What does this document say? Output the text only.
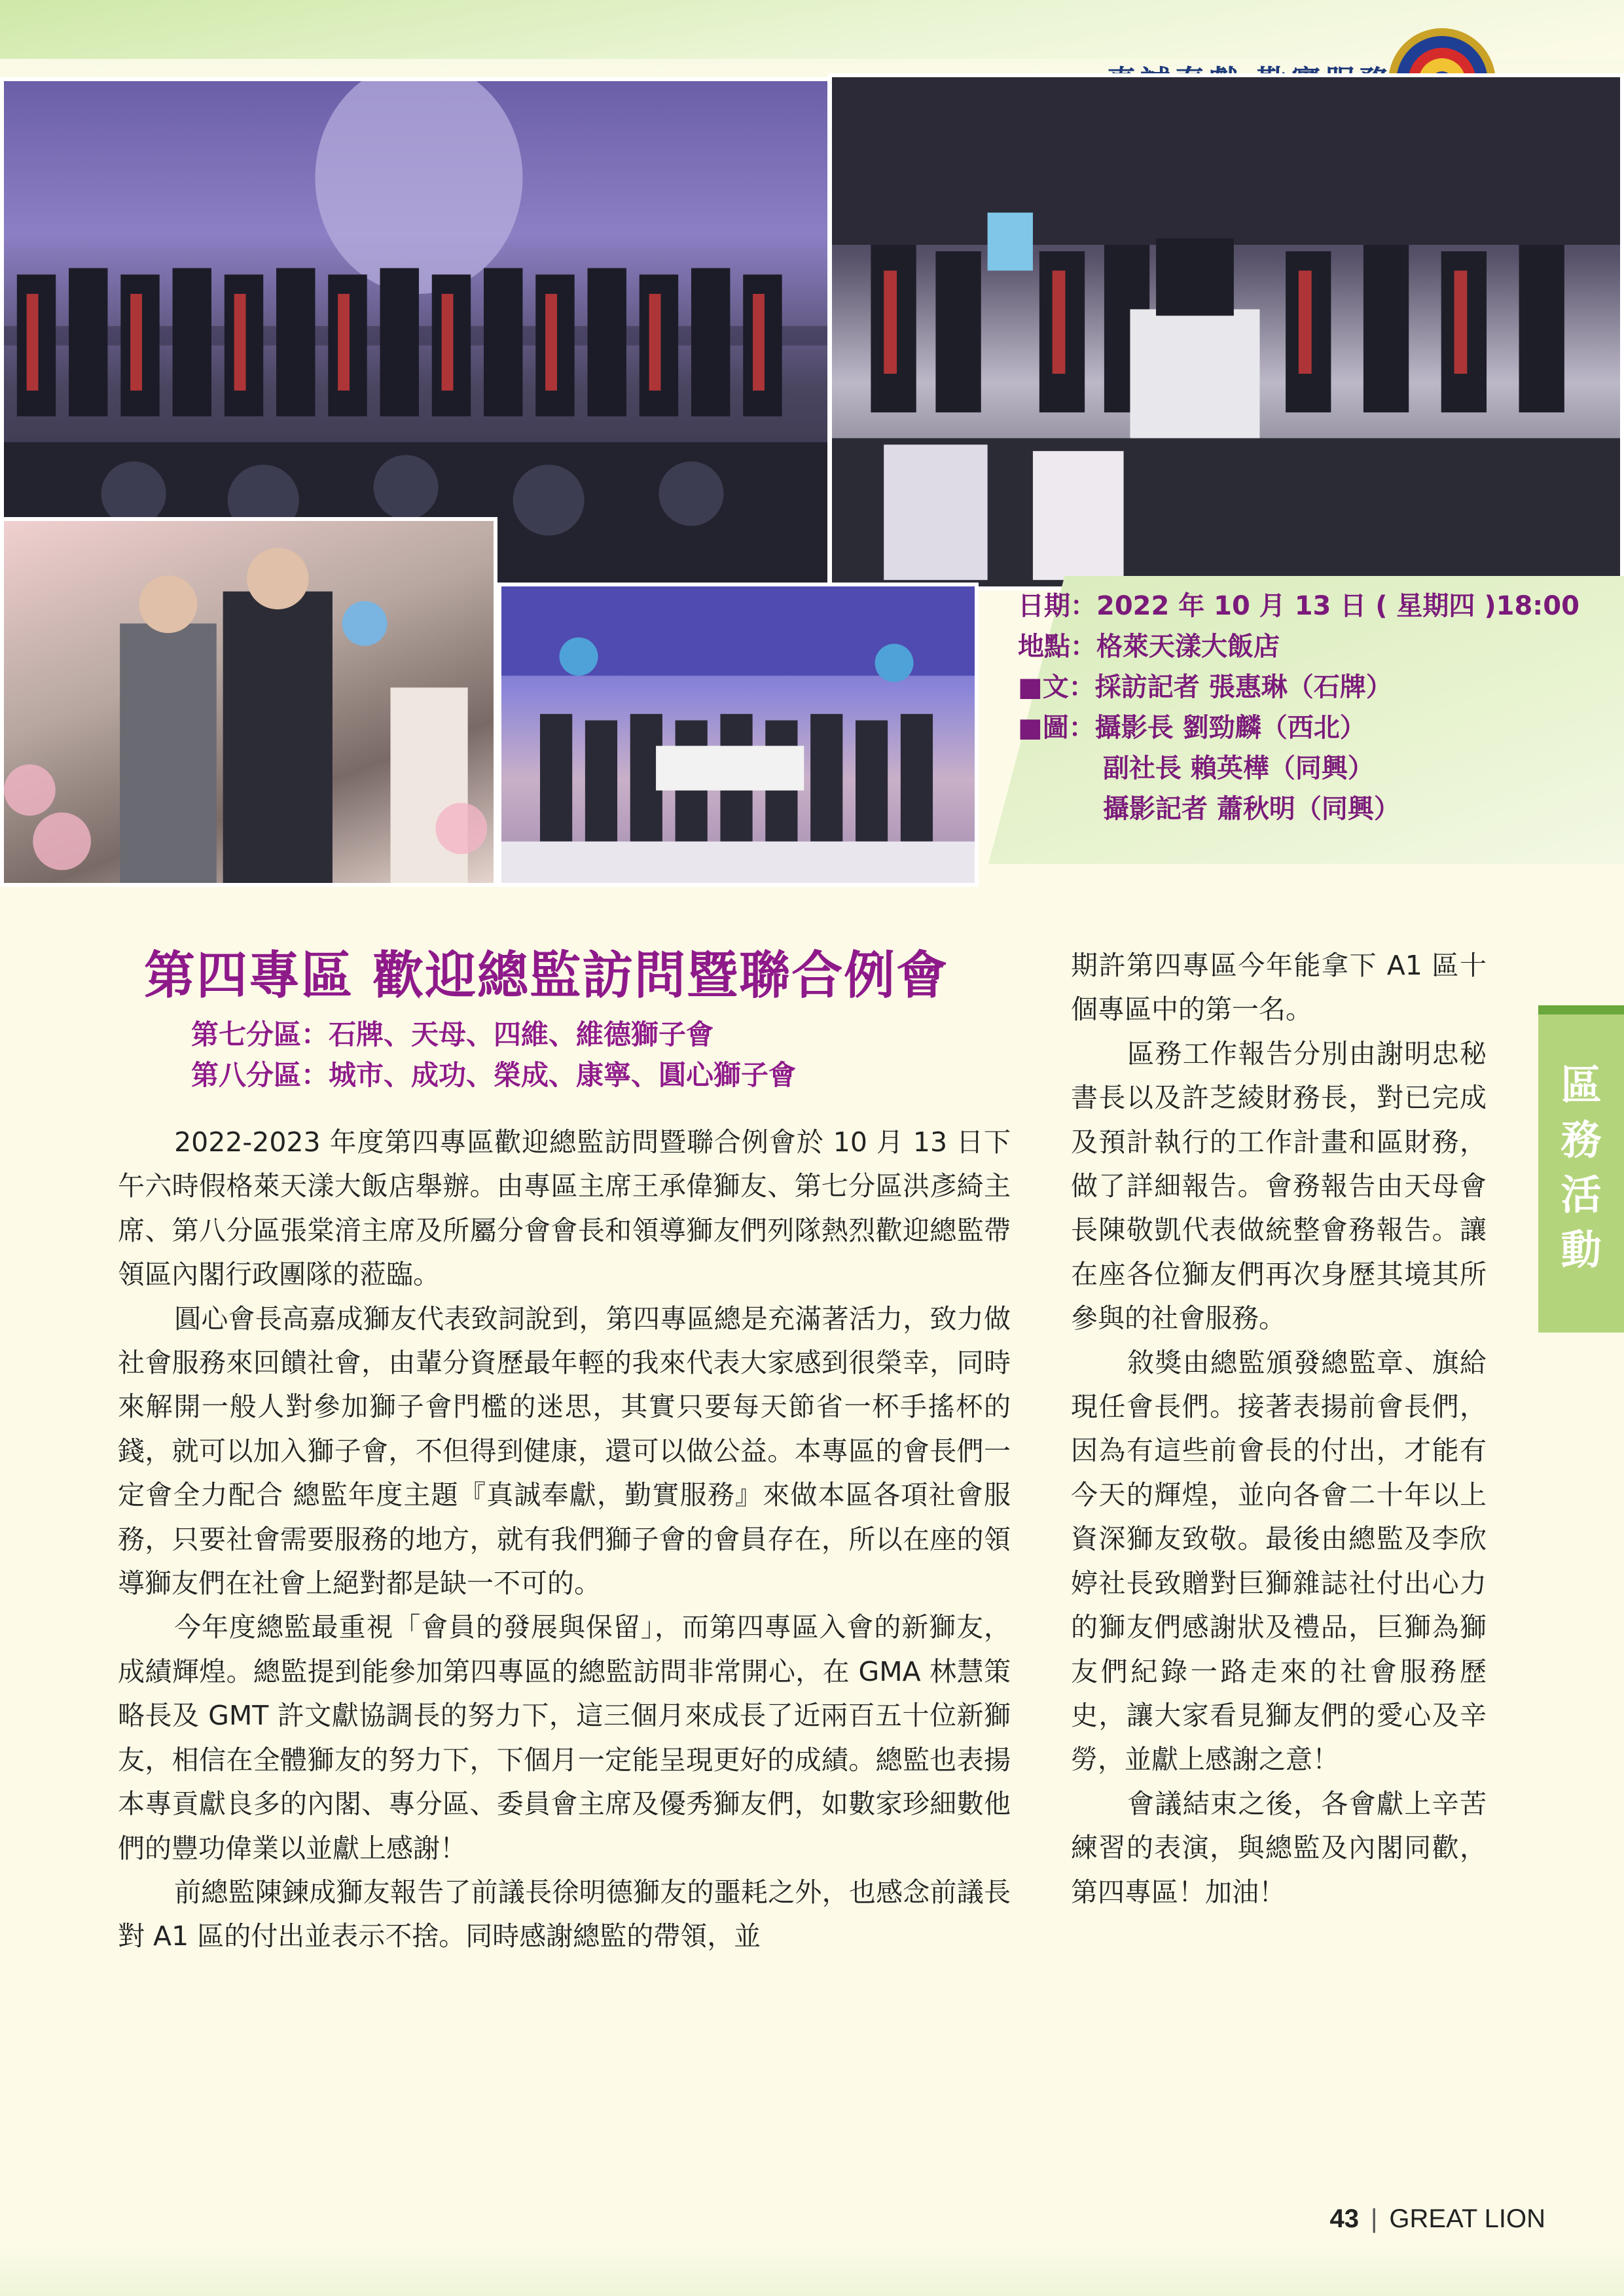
日期：2022 年 10 月 13 日 ( 星期四 )18:00
地點：格萊天漾大飯店
■文：採訪記者 張惠琳（石牌）
■圖：攝影長 劉勁麟（西北）
副社長 賴英樺（同興）
攝影記者 蕭秋明（同興）
第四專區 歡迎總監訪問暨聯合例會
第七分區：石牌、天母、四維、維德獅子會
第八分區：城市、成功、榮成、康寧、圓心獅子會

2022-2023 年度第四專區歡迎總監訪問暨聯合例會於 10 月 13 日下午六時假格萊天漾大飯店舉辦。由專區主席王承偉獅友、第七分區洪彥綺主席、第八分區張棠湇主席及所屬分會會長和領導獅友們列隊熱烈歡迎總監帶領區內閣行政團隊的蒞臨。

圓心會長高嘉成獅友代表致詞說到，第四專區總是充滿著活力，致力做社會服務來回饋社會，由輩分資歷最年輕的我來代表大家感到很榮幸，同時來解開一般人對參加獅子會門檻的迷思，其實只要每天節省一杯手搖杯的錢，就可以加入獅子會，不但得到健康，還可以做公益。本專區的會長們一定會全力配合 總監年度主題『真誠奉獻，勤實服務』來做本區各項社會服務，只要社會需要服務的地方，就有我們獅子會的會員存在，所以在座的領導獅友們在社會上絕對都是缺一不可的。

今年度總監最重視「會員的發展與保留」，而第四專區入會的新獅友，成績輝煌。總監提到能參加第四專區的總監訪問非常開心，在 GMA 林慧策略長及 GMT 許文獻協調長的努力下，這三個月來成長了近兩百五十位新獅友，相信在全體獅友的努力下，下個月一定能呈現更好的成績。總監也表揚本專貢獻良多的內閣、專分區、委員會主席及優秀獅友們，如數家珍細數他們的豐功偉業以並獻上感謝！

前總監陳鍊成獅友報告了前議長徐明德獅友的噩耗之外，也感念前議長對 A1 區的付出並表示不捨。同時感謝總監的帶領，並

期許第四專區今年能拿下 A1 區十個專區中的第一名。

區務工作報告分別由謝明忠秘書長以及許芝綾財務長，對已完成及預計執行的工作計畫和區財務，做了詳細報告。會務報告由天母會長陳敬凱代表做統整會務報告。讓在座各位獅友們再次身歷其境其所參與的社會服務。

敘獎由總監頒發總監章、旗給現任會長們。接著表揚前會長們，因為有這些前會長的付出，才能有今天的輝煌，並向各會二十年以上資深獅友致敬。最後由總監及李欣婷社長致贈對巨獅雜誌社付出心力的獅友們感謝狀及禮品，巨獅為獅友們紀錄一路走來的社會服務歷史，讓大家看見獅友們的愛心及辛勞，並獻上感謝之意！

會議結束之後，各會獻上辛苦練習的表演，與總監及內閣同歡，第四專區！加油！

區
務
活
動
43 | GREAT LION
